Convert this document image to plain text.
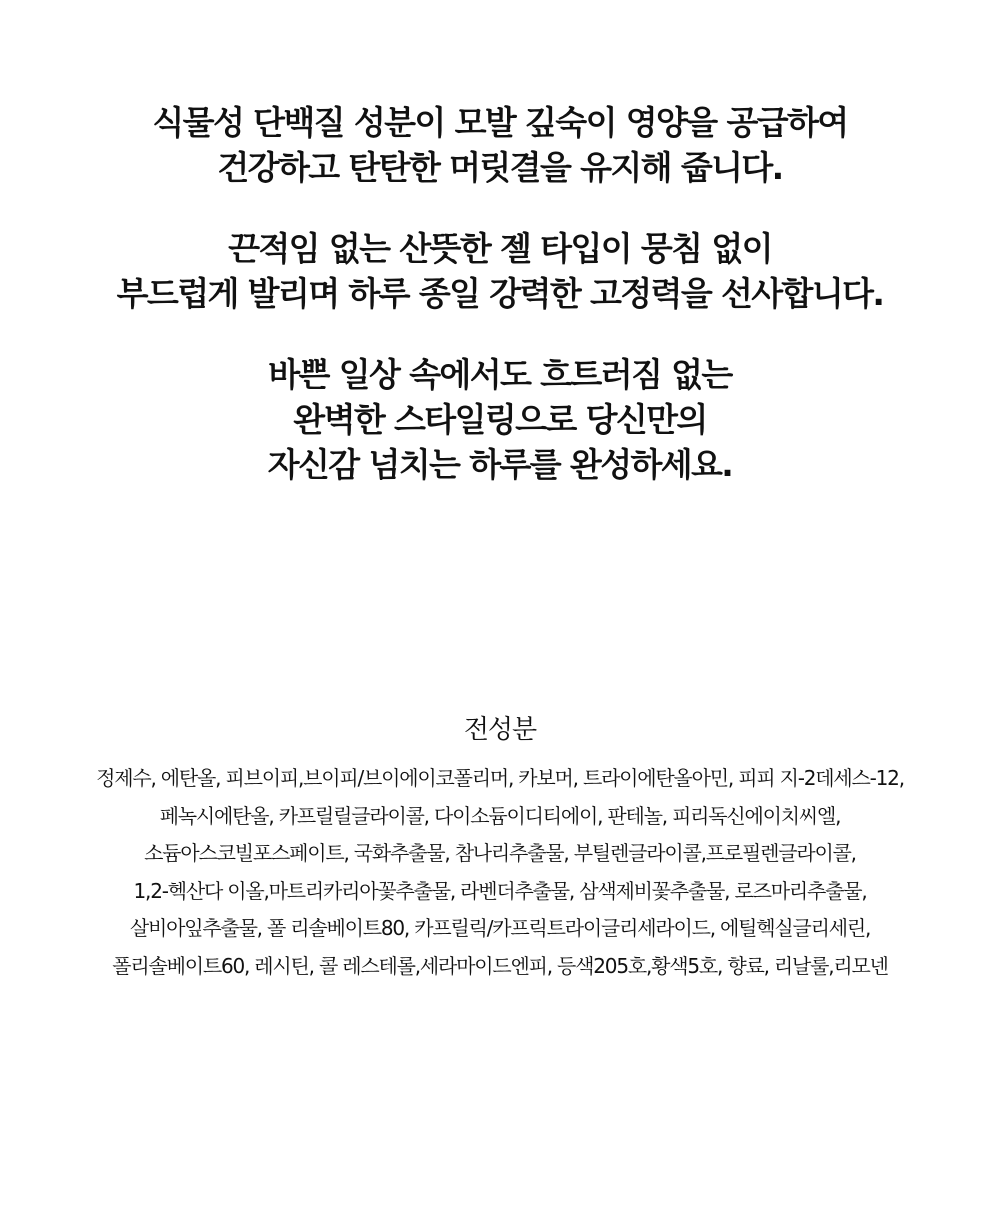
식물성 단백질 성분이 모발 깊숙이 영양을 공급하여
건강하고 탄탄한 머릿결을 유지해 줍니다.

끈적임 없는 산뜻한 젤 타입이 뭉침 없이
부드럽게 발리며 하루 종일 강력한 고정력을 선사합니다.

바쁜 일상 속에서도 흐트러짐 없는
완벽한 스타일링으로 당신만의
자신감 넘치는 하루를 완성하세요.

전성분
정제수, 에탄올, 피브이피,브이피/브이에이코폴리머, 카보머, 트라이에탄올아민, 피피 지-2데세스-12,
페녹시에탄올, 카프릴릴글라이콜, 다이소듐이디티에이, 판테놀, 피리독신에이치씨엘,
소듐아스코빌포스페이트, 국화추출물, 참나리추출물, 부틸렌글라이콜,프로필렌글라이콜,
1,2-헥산다 이올,마트리카리아꽃추출물, 라벤더추출물, 삼색제비꽃추출물, 로즈마리추출물,
살비아잎추출물, 폴 리솔베이트80, 카프릴릭/카프릭트라이글리세라이드, 에틸헥실글리세린,
폴리솔베이트60, 레시틴, 콜 레스테롤,세라마이드엔피, 등색205호,황색5호, 향료, 리날룰,리모넨
